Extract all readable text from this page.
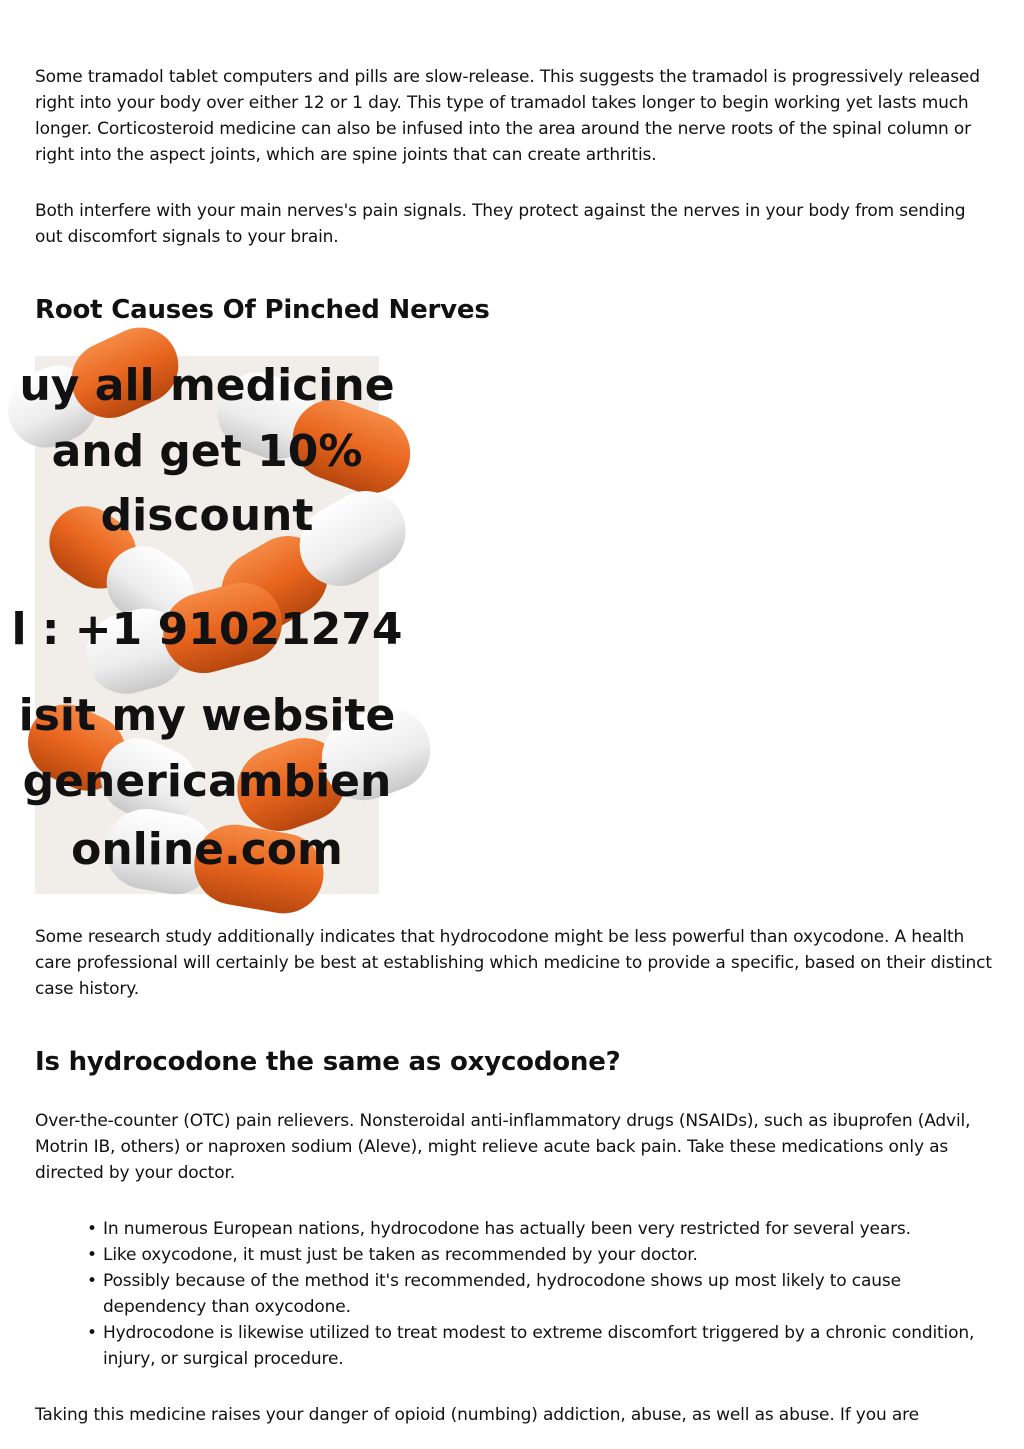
Some tramadol tablet computers and pills are slow-release. This suggests the tramadol is progressively released right into your body over either 12 or 1 day. This type of tramadol takes longer to begin working yet lasts much longer. Corticosteroid medicine can also be infused into the area around the nerve roots of the spinal column or right into the aspect joints, which are spine joints that can create arthritis.

Both interfere with your main nerves's pain signals. They protect against the nerves in your body from sending out discomfort signals to your brain.

Root Causes Of Pinched Nerves
uy all medicine
and get 10%
discount
l : +1 91021274
isit my website
genericambien
online.com

Some research study additionally indicates that hydrocodone might be less powerful than oxycodone. A health care professional will certainly be best at establishing which medicine to provide a specific, based on their distinct case history.

Is hydrocodone the same as oxycodone?

Over-the-counter (OTC) pain relievers. Nonsteroidal anti-inflammatory drugs (NSAIDs), such as ibuprofen (Advil, Motrin IB, others) or naproxen sodium (Aleve), might relieve acute back pain. Take these medications only as directed by your doctor.

• In numerous European nations, hydrocodone has actually been very restricted for several years.
• Like oxycodone, it must just be taken as recommended by your doctor.
• Possibly because of the method it's recommended, hydrocodone shows up most likely to cause dependency than oxycodone.
• Hydrocodone is likewise utilized to treat modest to extreme discomfort triggered by a chronic condition, injury, or surgical procedure.

Taking this medicine raises your danger of opioid (numbing) addiction, abuse, as well as abuse. If you are
